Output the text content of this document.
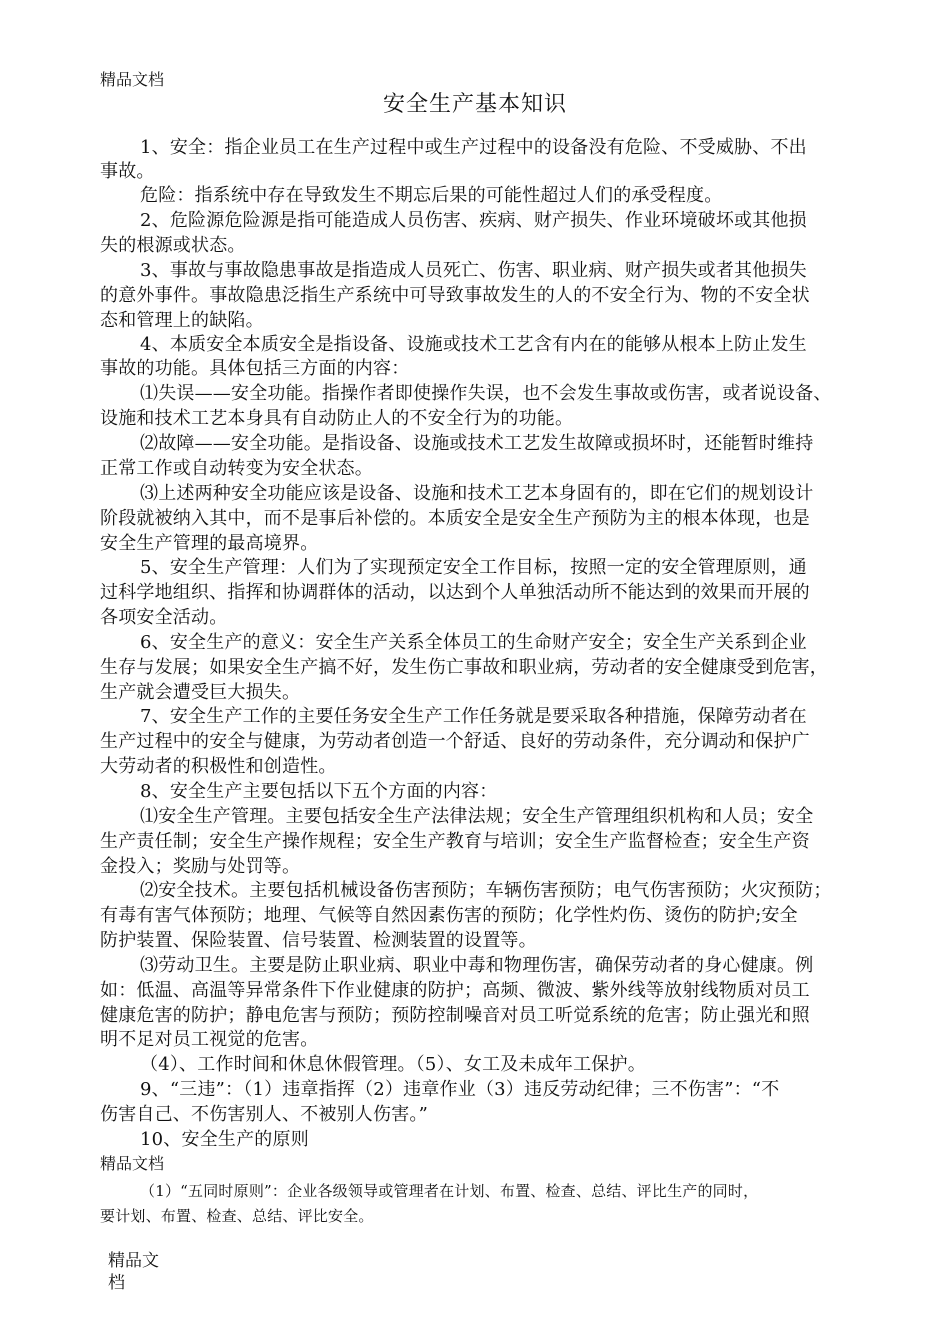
精品文档
安全生产基本知识
1、安全：指企业员工在生产过程中或生产过程中的设备没有危险、不受威胁、不出
事故。
危险：指系统中存在导致发生不期忘后果的可能性超过人们的承受程度。
2、危险源危险源是指可能造成人员伤害、疾病、财产损失、作业环境破坏或其他损
失的根源或状态。
3、事故与事故隐患事故是指造成人员死亡、伤害、职业病、财产损失或者其他损失
的意外事件。事故隐患泛指生产系统中可导致事故发生的人的不安全行为、物的不安全状
态和管理上的缺陷。
4、本质安全本质安全是指设备、设施或技术工艺含有内在的能够从根本上防止发生
事故的功能。具体包括三方面的内容：
⑴失误——安全功能。指操作者即使操作失误，也不会发生事故或伤害，或者说设备、
设施和技术工艺本身具有自动防止人的不安全行为的功能。
⑵故障——安全功能。是指设备、设施或技术工艺发生故障或损坏时，还能暂时维持
正常工作或自动转变为安全状态。
⑶上述两种安全功能应该是设备、设施和技术工艺本身固有的，即在它们的规划设计
阶段就被纳入其中，而不是事后补偿的。本质安全是安全生产预防为主的根本体现，也是
安全生产管理的最高境界。
5、安全生产管理：人们为了实现预定安全工作目标，按照一定的安全管理原则，通
过科学地组织、指挥和协调群体的活动，以达到个人单独活动所不能达到的效果而开展的
各项安全活动。
6、安全生产的意义：安全生产关系全体员工的生命财产安全；安全生产关系到企业
生存与发展；如果安全生产搞不好，发生伤亡事故和职业病，劳动者的安全健康受到危害，
生产就会遭受巨大损失。
7、安全生产工作的主要任务安全生产工作任务就是要采取各种措施，保障劳动者在
生产过程中的安全与健康，为劳动者创造一个舒适、良好的劳动条件，充分调动和保护广
大劳动者的积极性和创造性。
8、安全生产主要包括以下五个方面的内容：
⑴安全生产管理。主要包括安全生产法律法规；安全生产管理组织机构和人员；安全
生产责任制；安全生产操作规程；安全生产教育与培训；安全生产监督检查；安全生产资
金投入；奖励与处罚等。
⑵安全技术。主要包括机械设备伤害预防；车辆伤害预防；电气伤害预防；火灾预防；
有毒有害气体预防；地理、气候等自然因素伤害的预防；化学性灼伤、烫伤的防护;安全
防护装置、保险装置、信号装置、检测装置的设置等。
⑶劳动卫生。主要是防止职业病、职业中毒和物理伤害，确保劳动者的身心健康。例
如：低温、高温等异常条件下作业健康的防护；高频、微波、紫外线等放射线物质对员工
健康危害的防护；静电危害与预防；预防控制噪音对员工听觉系统的危害；防止强光和照
明不足对员工视觉的危害。
（4）、工作时间和休息休假管理。（5）、女工及未成年工保护。
9、“三违”：（1）违章指挥（2）违章作业（3）违反劳动纪律；三不伤害”：“不
伤害自己、不伤害别人、不被别人伤害。”
10、安全生产的原则
精品文档
（1）“五同时原则”：企业各级领导或管理者在计划、布置、检查、总结、评比生产的同时，
要计划、布置、检查、总结、评比安全。
精品文档
